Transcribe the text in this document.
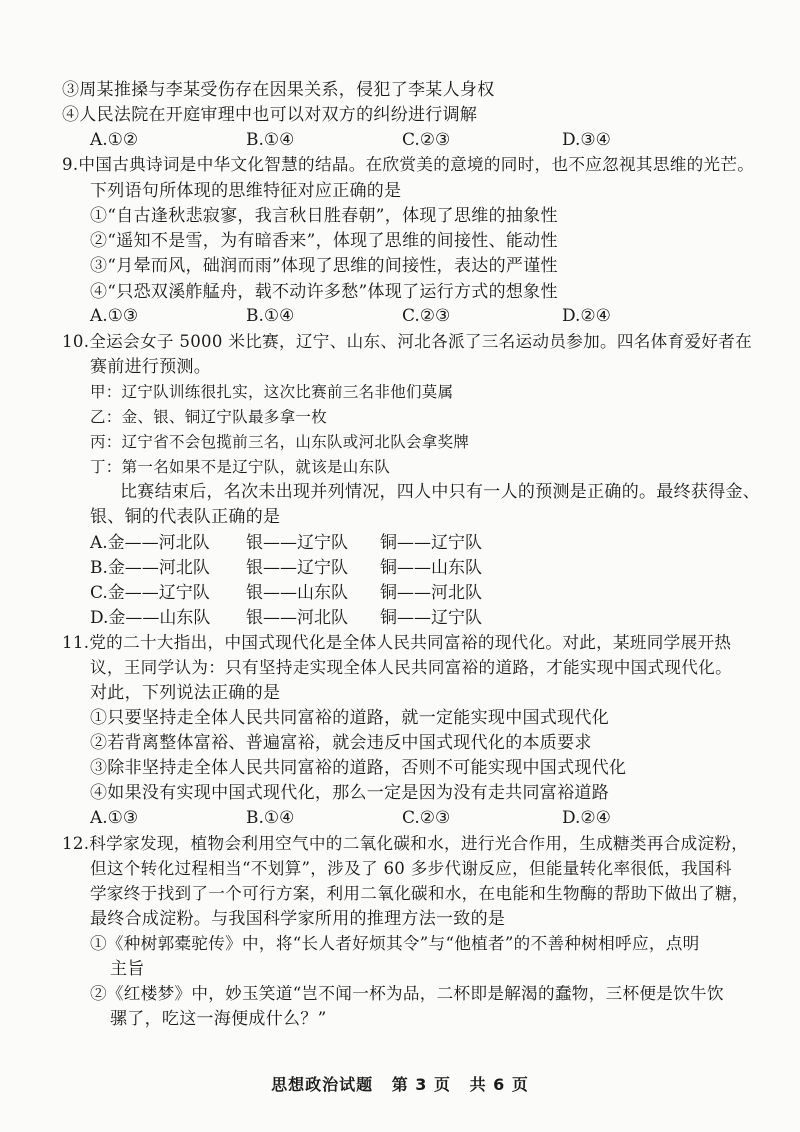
③周某推搡与李某受伤存在因果关系，侵犯了李某人身权
④人民法院在开庭审理中也可以对双方的纠纷进行调解
A.①②	B.①④	C.②③	D.③④
9.中国古典诗词是中华文化智慧的结晶。在欣赏美的意境的同时，也不应忽视其思维的光芒。
下列语句所体现的思维特征对应正确的是
①“自古逢秋悲寂寥，我言秋日胜春朝”，体现了思维的抽象性
②“遥知不是雪，为有暗香来”，体现了思维的间接性、能动性
③“月晕而风，础润而雨”体现了思维的间接性，表达的严谨性
④“只恐双溪舴艋舟，载不动许多愁”体现了运行方式的想象性
A.①③	B.①④	C.②③	D.②④
10.全运会女子 5000 米比赛，辽宁、山东、河北各派了三名运动员参加。四名体育爱好者在
赛前进行预测。
甲：辽宁队训练很扎实，这次比赛前三名非他们莫属
乙：金、银、铜辽宁队最多拿一枚
丙：辽宁省不会包揽前三名，山东队或河北队会拿奖牌
丁：第一名如果不是辽宁队，就该是山东队
比赛结束后，名次未出现并列情况，四人中只有一人的预测是正确的。最终获得金、
银、铜的代表队正确的是
A.金——河北队 银——辽宁队 铜——辽宁队
B.金——河北队 银——辽宁队 铜——山东队
C.金——辽宁队 银——山东队 铜——河北队
D.金——山东队 银——河北队 铜——辽宁队
11.党的二十大指出，中国式现代化是全体人民共同富裕的现代化。对此，某班同学展开热
议，王同学认为：只有坚持走实现全体人民共同富裕的道路，才能实现中国式现代化。
对此，下列说法正确的是
①只要坚持走全体人民共同富裕的道路，就一定能实现中国式现代化
②若背离整体富裕、普遍富裕，就会违反中国式现代化的本质要求
③除非坚持走全体人民共同富裕的道路，否则不可能实现中国式现代化
④如果没有实现中国式现代化，那么一定是因为没有走共同富裕道路
A.①③	B.①④	C.②③	D.②④
12.科学家发现，植物会利用空气中的二氧化碳和水，进行光合作用，生成糖类再合成淀粉，
但这个转化过程相当“不划算”，涉及了 60 多步代谢反应，但能量转化率很低，我国科
学家终于找到了一个可行方案，利用二氧化碳和水，在电能和生物酶的帮助下做出了糖，
最终合成淀粉。与我国科学家所用的推理方法一致的是
①《种树郭橐驼传》中，将“长人者好烦其令”与“他植者”的不善种树相呼应，点明
主旨
②《红楼梦》中，妙玉笑道“岂不闻一杯为品，二杯即是解渴的蠢物，三杯便是饮牛饮
骡了，吃这一海便成什么？”
思想政治试题 第 3 页 共 6 页
